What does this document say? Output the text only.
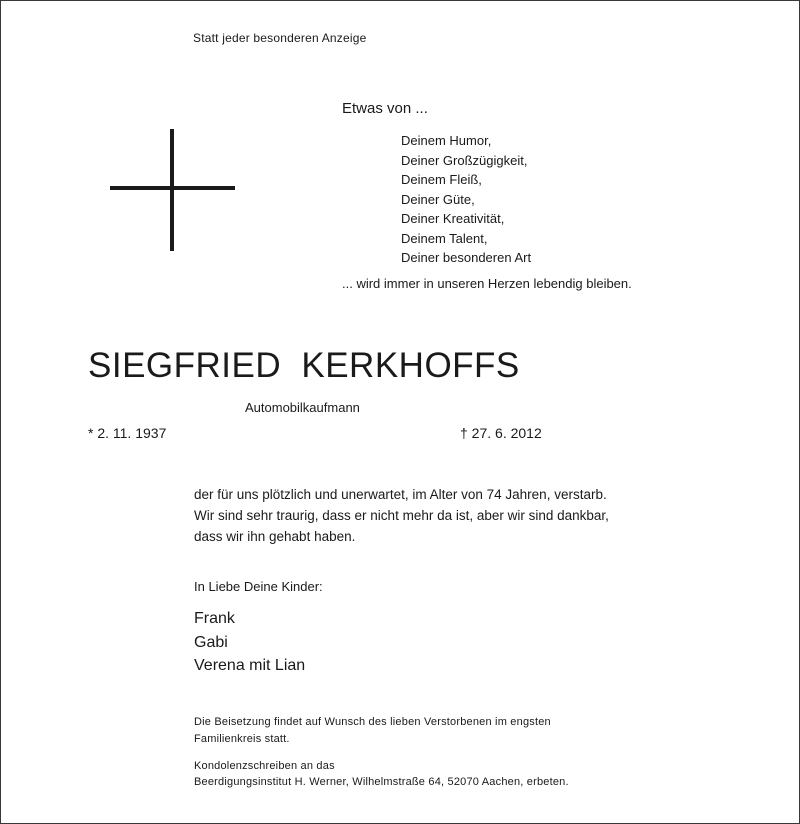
Statt jeder besonderen Anzeige
Etwas von ...
Deinem Humor,
Deiner Großzügigkeit,
Deinem Fleiß,
Deiner Güte,
Deiner Kreativität,
Deinem Talent,
Deiner besonderen Art
... wird immer in unseren Herzen lebendig bleiben.
SIEGFRIED KERKHOFFS
Automobilkaufmann
* 2. 11. 1937	† 27. 6. 2012
der für uns plötzlich und unerwartet, im Alter von 74 Jahren, verstarb.
Wir sind sehr traurig, dass er nicht mehr da ist, aber wir sind dankbar,
dass wir ihn gehabt haben.
In Liebe Deine Kinder:
Frank
Gabi
Verena mit Lian
Die Beisetzung findet auf Wunsch des lieben Verstorbenen im engsten
Familienkreis statt.
Kondolenzschreiben an das
Beerdigungsinstitut H. Werner, Wilhelmstraße 64, 52070 Aachen, erbeten.
